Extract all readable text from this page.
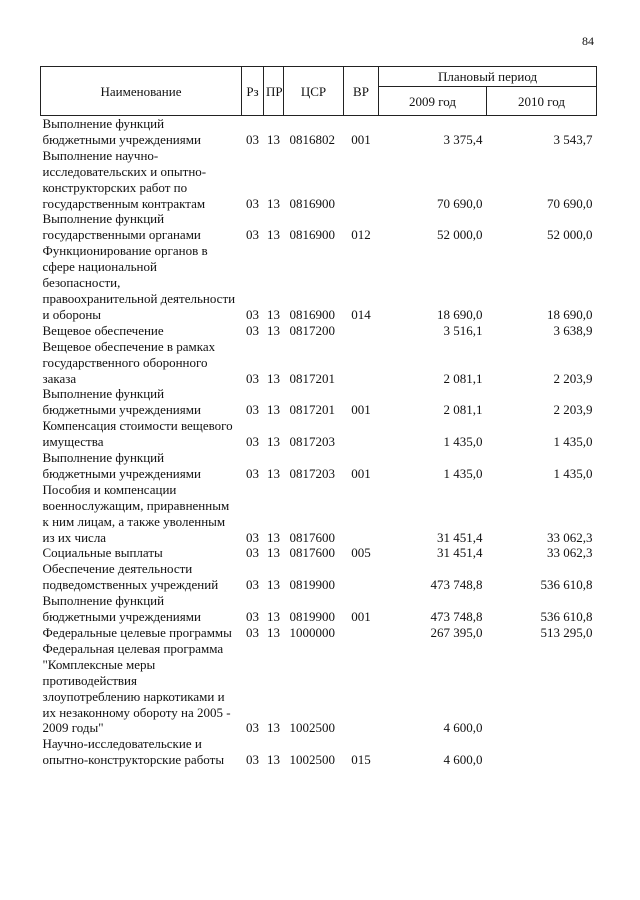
84
Наименование	Рз	ПР	ЦСР	ВР	Плановый период	
					2009 год	2010 год
Выполнение функций бюджетными учреждениями	03	13	0816802	001	3 375,4	3 543,7
Выполнение научно-исследовательских и опытно-конструкторских работ по государственным контрактам	03	13	0816900		70 690,0	70 690,0
Выполнение функций государственными органами	03	13	0816900	012	52 000,0	52 000,0
Функционирование органов в сфере национальной безопасности, правоохранительной деятельности и обороны	03	13	0816900	014	18 690,0	18 690,0
Вещевое обеспечение	03	13	0817200		3 516,1	3 638,9
Вещевое обеспечение в рамках государственного оборонного заказа	03	13	0817201		2 081,1	2 203,9
Выполнение функций бюджетными учреждениями	03	13	0817201	001	2 081,1	2 203,9
Компенсация стоимости вещевого имущества	03	13	0817203		1 435,0	1 435,0
Выполнение функций бюджетными учреждениями	03	13	0817203	001	1 435,0	1 435,0
Пособия и компенсации военнослужащим, приравненным к ним лицам, а также уволенным из их числа	03	13	0817600		31 451,4	33 062,3
Социальные выплаты	03	13	0817600	005	31 451,4	33 062,3
Обеспечение деятельности подведомственных учреждений	03	13	0819900		473 748,8	536 610,8
Выполнение функций бюджетными учреждениями	03	13	0819900	001	473 748,8	536 610,8
Федеральные целевые программы	03	13	1000000		267 395,0	513 295,0
Федеральная целевая программа "Комплексные меры противодействия злоупотреблению наркотиками и их незаконному обороту на 2005 - 2009 годы"	03	13	1002500		4 600,0	
Научно-исследовательские и опытно-конструкторские работы	03	13	1002500	015	4 600,0	
